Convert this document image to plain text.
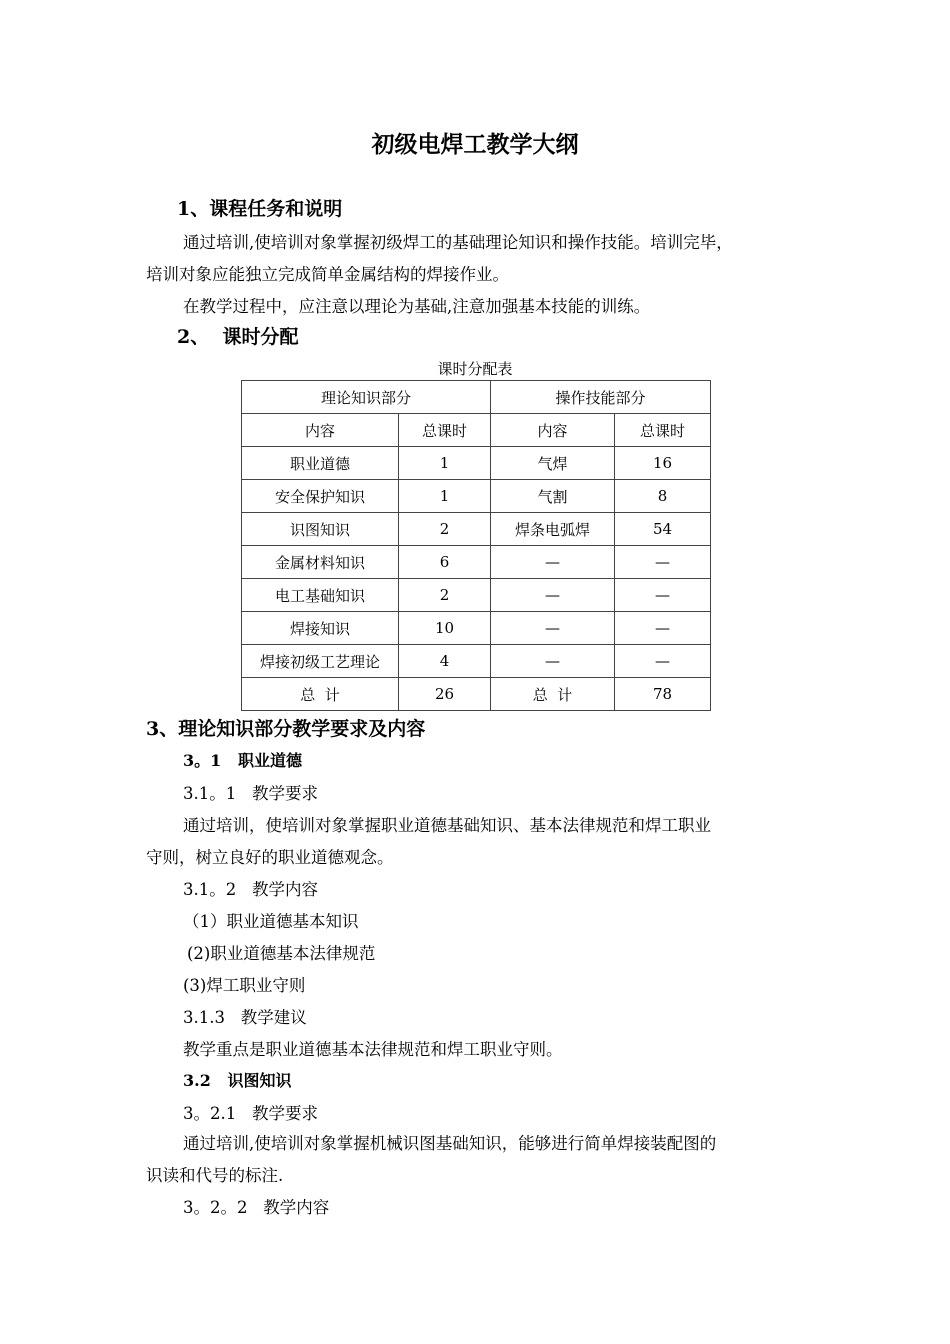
初级电焊工教学大纲
1、课程任务和说明
通过培训,使培训对象掌握初级焊工的基础理论知识和操作技能。培训完毕，
培训对象应能独立完成简单金属结构的焊接作业。
在教学过程中，应注意以理论为基础,注意加强基本技能的训练。
2、  课时分配
课时分配表
理论知识部分		操作技能部分	
内容	总课时	内容	总课时
职业道德	1	气焊	16
安全保护知识	1	气割	8
识图知识	2	焊条电弧焊	54
金属材料知识	6	—	—
电工基础知识	2	—	—
焊接知识	10	—	—
焊接初级工艺理论	4	—	—
总  计	26	总  计	78
3、理论知识部分教学要求及内容
3。1   职业道德
3.1。1   教学要求
通过培训，使培训对象掌握职业道德基础知识、基本法律规范和焊工职业
守则，树立良好的职业道德观念。
3.1。2   教学内容
（1）职业道德基本知识
(2)职业道德基本法律规范
(3)焊工职业守则
3.1.3   教学建议
教学重点是职业道德基本法律规范和焊工职业守则。
3.2   识图知识
3。2.1   教学要求
通过培训,使培训对象掌握机械识图基础知识，能够进行简单焊接装配图的
识读和代号的标注.
3。2。2   教学内容
